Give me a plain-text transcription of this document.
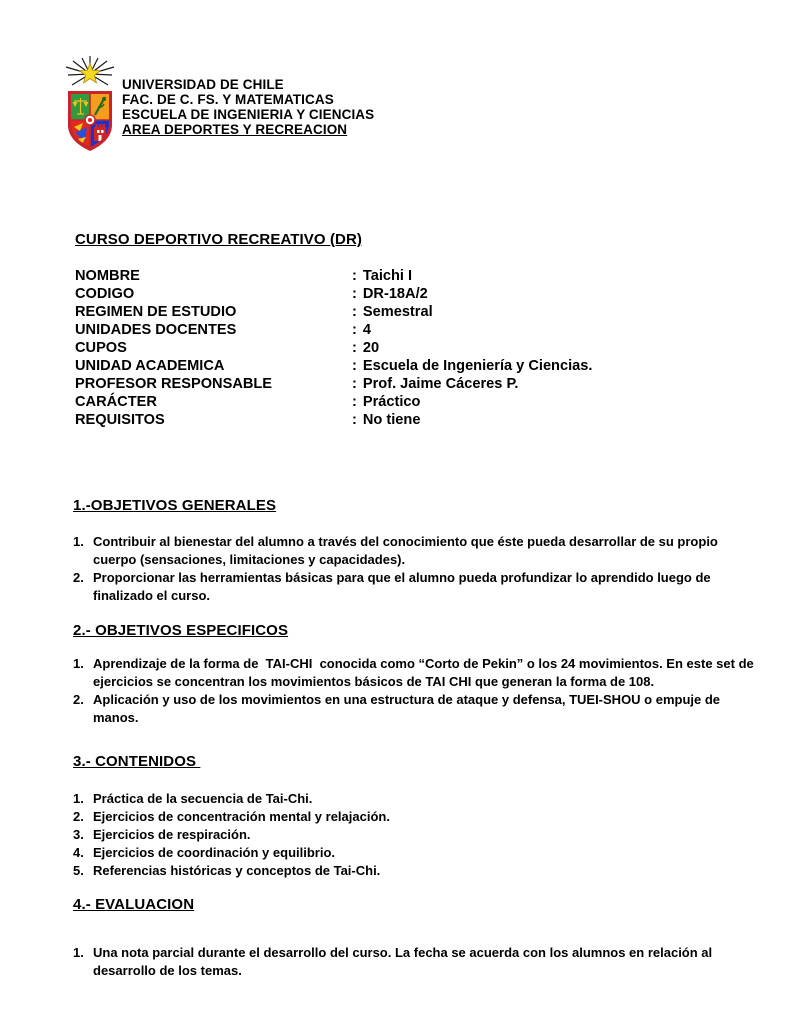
UNIVERSIDAD DE CHILE
FAC. DE C. FS. Y MATEMATICAS
ESCUELA DE INGENIERIA Y CIENCIAS
AREA DEPORTES Y RECREACION
CURSO DEPORTIVO RECREATIVO (DR)
NOMBRE	: Taichi I
CODIGO	: DR-18A/2
REGIMEN DE ESTUDIO	: Semestral
UNIDADES DOCENTES	: 4
CUPOS	: 20
UNIDAD ACADEMICA	: Escuela de Ingeniería y Ciencias.
PROFESOR RESPONSABLE	: Prof. Jaime Cáceres P.
CARÁCTER	: Práctico
REQUISITOS	: No tiene
1.-OBJETIVOS GENERALES
1. Contribuir al bienestar del alumno a través del conocimiento que éste pueda desarrollar de su propio cuerpo (sensaciones, limitaciones y capacidades).
2. Proporcionar las herramientas básicas para que el alumno pueda profundizar lo aprendido luego de finalizado el curso.
2.- OBJETIVOS ESPECIFICOS
1. Aprendizaje de la forma de  TAI-CHI  conocida como “Corto de Pekin” o los 24 movimientos. En este set de ejercicios se concentran los movimientos básicos de TAI CHI que generan la forma de 108.
2. Aplicación y uso de los movimientos en una estructura de ataque y defensa, TUEI-SHOU o empuje de manos.
3.- CONTENIDOS
1. Práctica de la secuencia de Tai-Chi.
2. Ejercicios de concentración mental y relajación.
3. Ejercicios de respiración.
4. Ejercicios de coordinación y equilibrio.
5. Referencias históricas y conceptos de Tai-Chi.
4.- EVALUACION
1. Una nota parcial durante el desarrollo del curso. La fecha se acuerda con los alumnos en relación al desarrollo de los temas.
